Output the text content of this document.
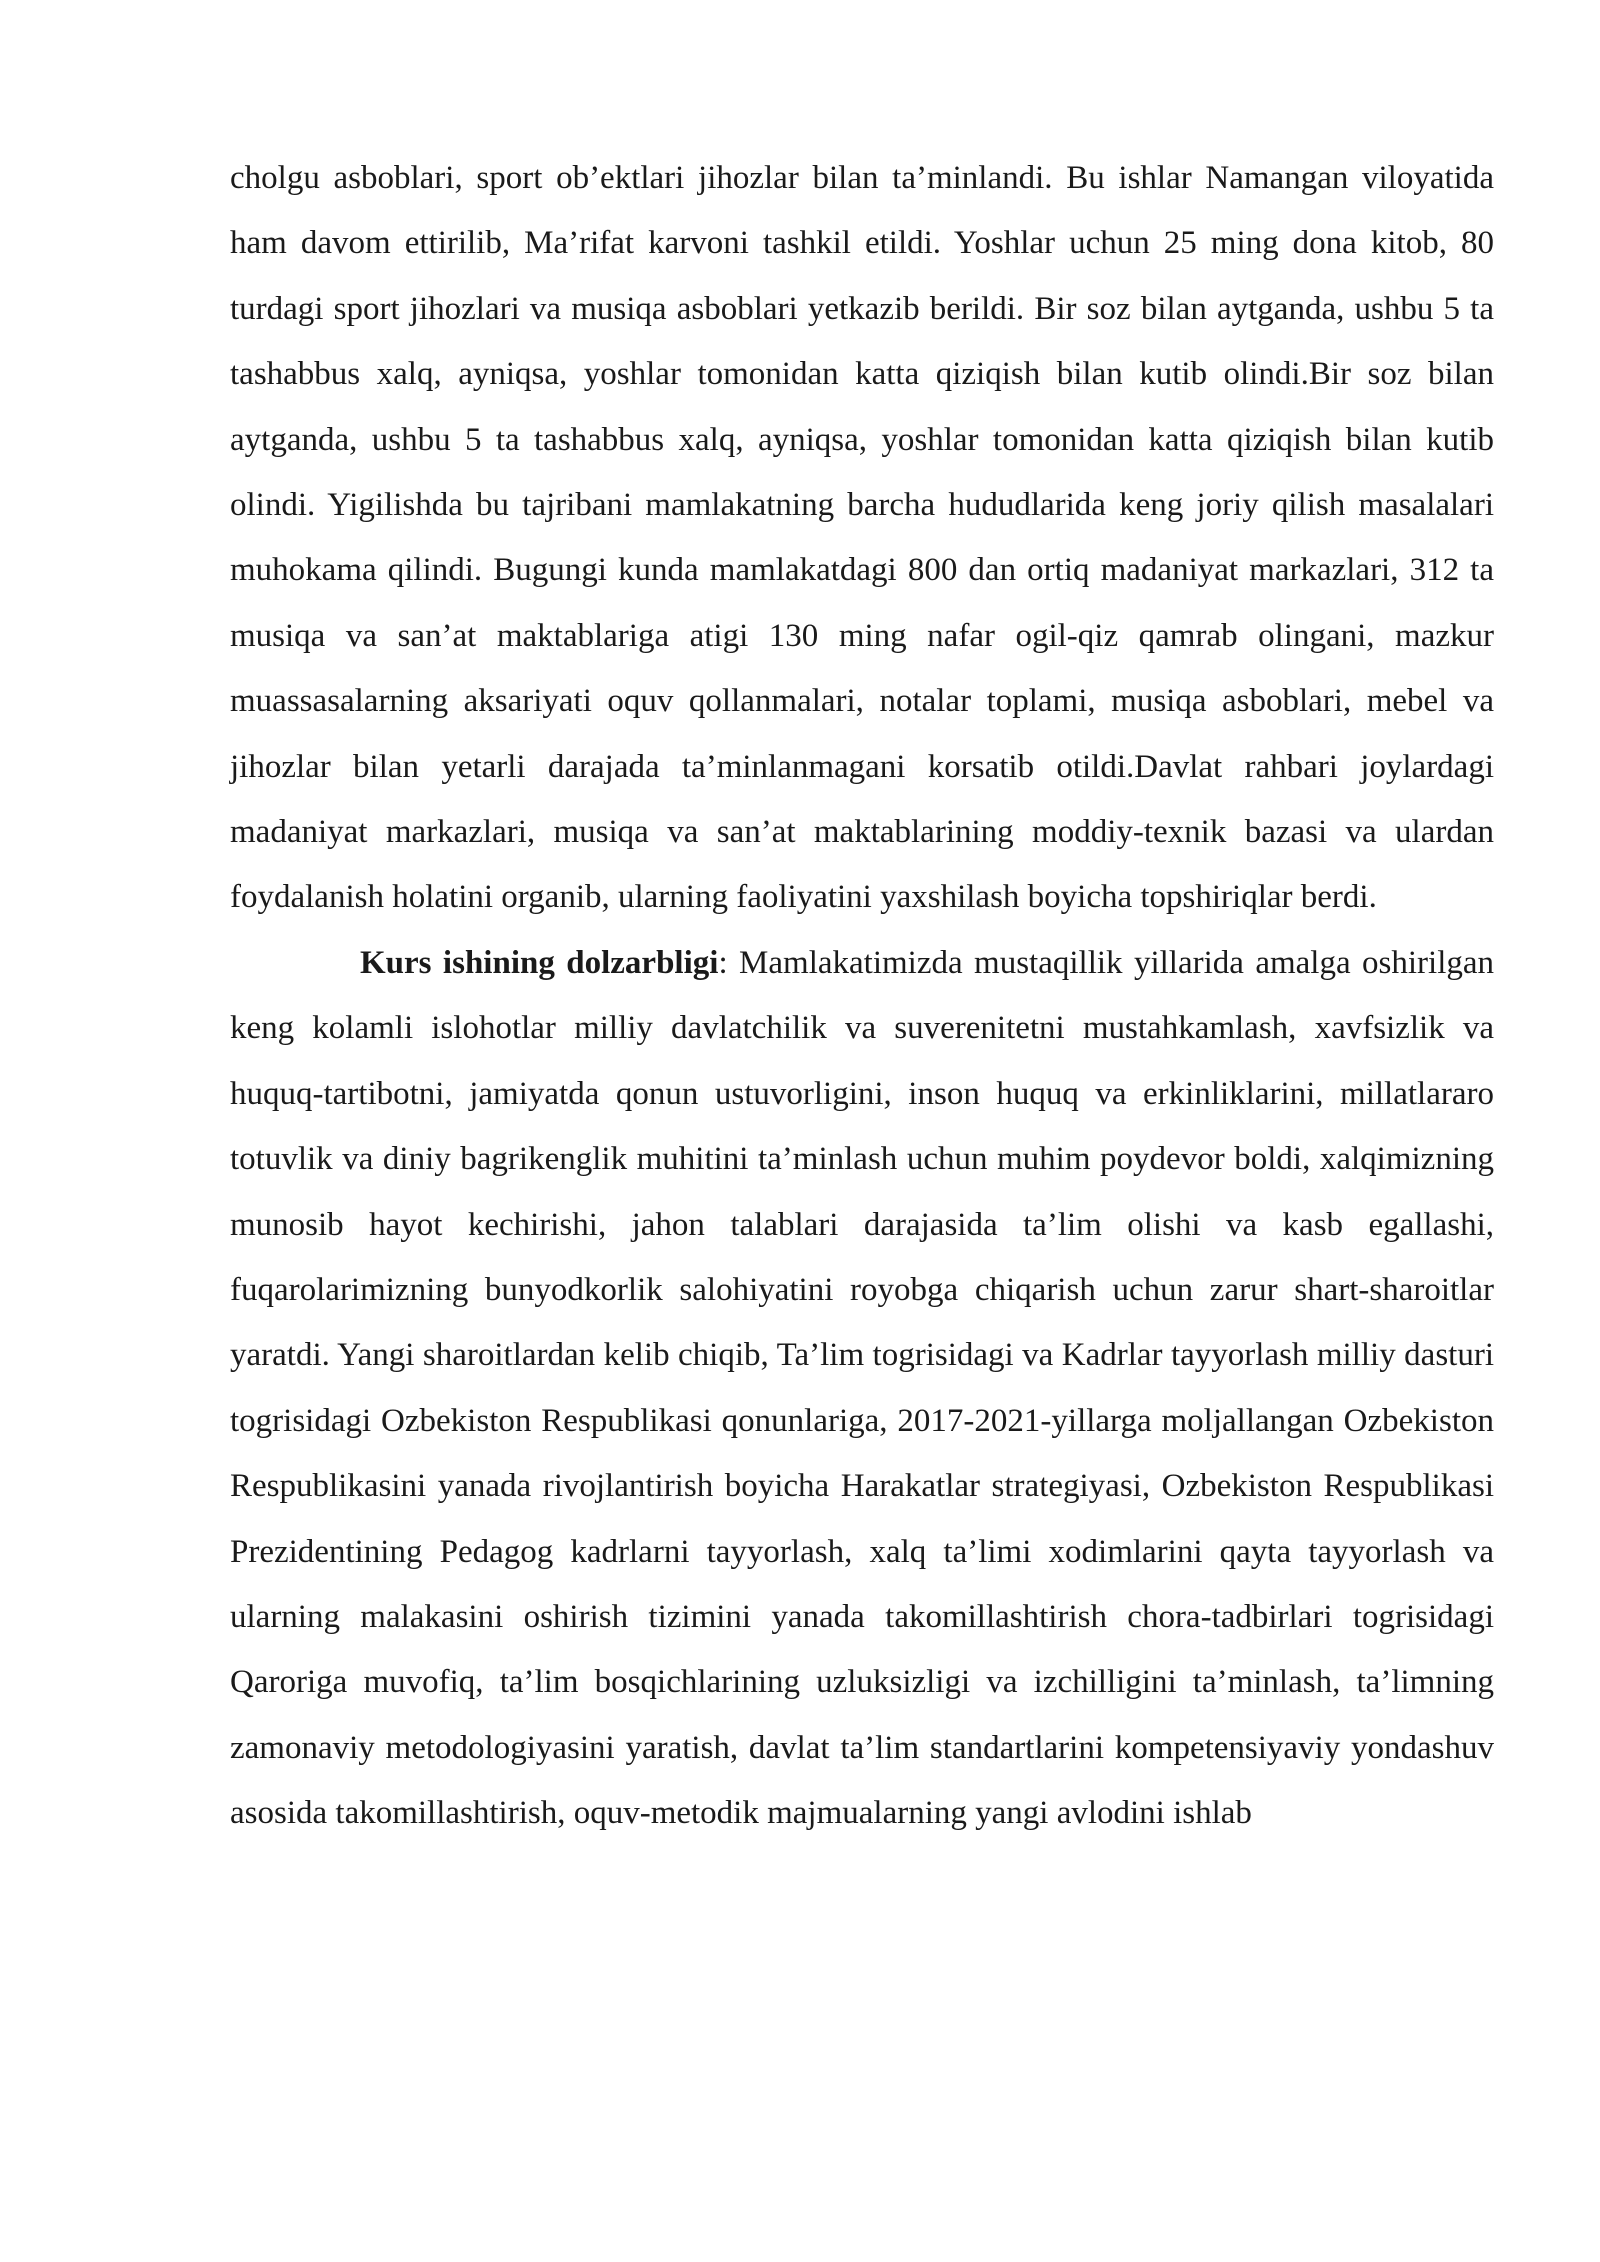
cholgu asboblari, sport ob’ektlari jihozlar bilan ta’minlandi. Bu ishlar Namangan viloyatida ham davom ettirilib, Ma’rifat karvoni tashkil etildi. Yoshlar uchun 25 ming dona kitob, 80 turdagi sport jihozlari va musiqa asboblari yetkazib berildi. Bir soz bilan aytganda, ushbu 5 ta tashabbus xalq, ayniqsa, yoshlar tomonidan katta qiziqish bilan kutib olindi.Bir soz bilan aytganda, ushbu 5 ta tashabbus xalq, ayniqsa, yoshlar tomonidan katta qiziqish bilan kutib olindi. Yigilishda bu tajribani mamlakatning barcha hududlarida keng joriy qilish masalalari muhokama qilindi. Bugungi kunda mamlakatdagi 800 dan ortiq madaniyat markazlari, 312 ta musiqa va san’at maktablariga atigi 130 ming nafar ogil-qiz qamrab olingani, mazkur muassasalarning aksariyati oquv qollanmalari, notalar toplami, musiqa asboblari, mebel va jihozlar bilan yetarli darajada ta’minlanmagani korsatib otildi.Davlat rahbari joylardagi madaniyat markazlari, musiqa va san’at maktablarining moddiy-texnik bazasi va ulardan foydalanish holatini organib, ularning faoliyatini yaxshilash boyicha topshiriqlar berdi.

Kurs ishining dolzarbligi: Mamlakatimizda mustaqillik yillarida amalga oshirilgan keng kolamli islohotlar milliy davlatchilik va suverenitetni mustahkamlash, xavfsizlik va huquq-tartibotni, jamiyatda qonun ustuvorligini, inson huquq va erkinliklarini, millatlararo totuvlik va diniy bagrikenglik muhitini ta’minlash uchun muhim poydevor boldi, xalqimizning munosib hayot kechirishi, jahon talablari darajasida ta’lim olishi va kasb egallashi, fuqarolarimizning bunyodkorlik salohiyatini royobga chiqarish uchun zarur shart-sharoitlar yaratdi. Yangi sharoitlardan kelib chiqib, Ta’lim togrisidagi va Kadrlar tayyorlash milliy dasturi togrisidagi Ozbekiston Respublikasi qonunlariga, 2017-2021-yillarga moljallangan Ozbekiston Respublikasini yanada rivojlantirish boyicha Harakatlar strategiyasi, Ozbekiston Respublikasi Prezidentining Pedagog kadrlarni tayyorlash, xalq ta’limi xodimlarini qayta tayyorlash va ularning malakasini oshirish tizimini yanada takomillashtirish chora-tadbirlari togrisidagi Qaroriga muvofiq, ta’lim bosqichlarining uzluksizligi va izchilligini ta’minlash, ta’limning zamonaviy metodologiyasini yaratish, davlat ta’lim standartlarini kompetensiyaviy yondashuv asosida takomillashtirish, oquv-metodik majmualarning yangi avlodini ishlab
